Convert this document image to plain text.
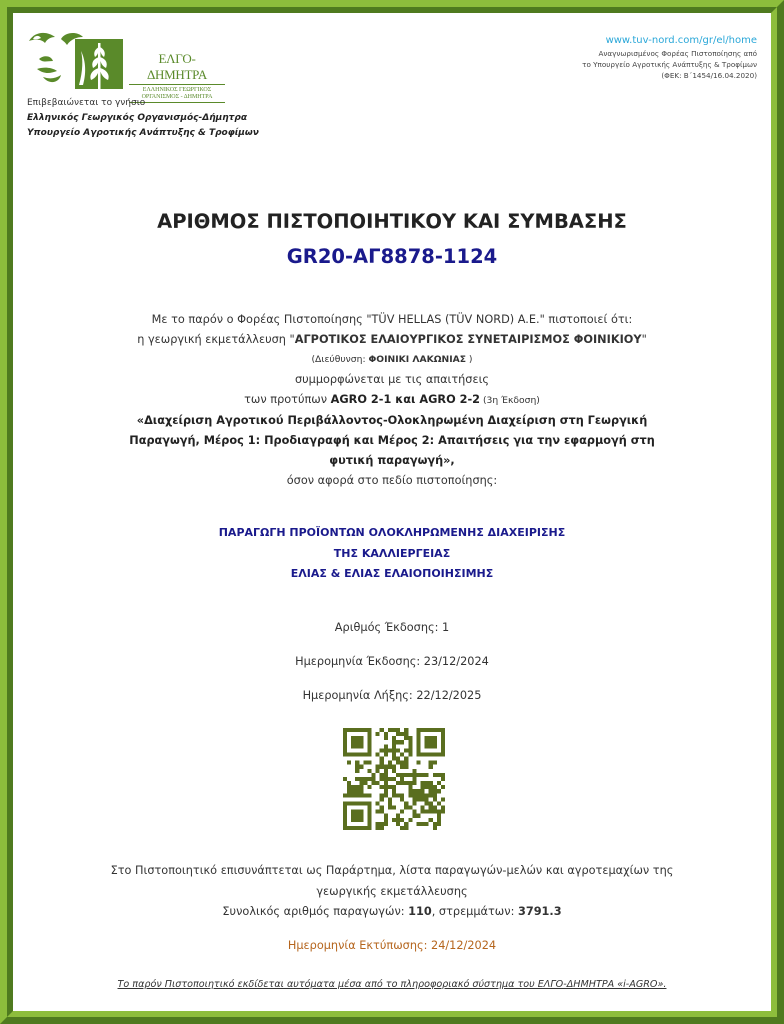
ΕΛΓΟ-ΔΗΜΗΤΡΑ
ΕΛΛΗΝΙΚΟΣ ΓΕΩΡΓΙΚΟΣ
ΟΡΓΑΝΙΣΜΟΣ - ΔΗΜΗΤΡΑ
Επιβεβαιώνεται το γνήσιο
Ελληνικός Γεωργικός Οργανισμός-Δήμητρα
Υπουργείο Αγροτικής Ανάπτυξης & Τροφίμων
www.tuv-nord.com/gr/el/home
Αναγνωρισμένος Φορέας Πιστοποίησης από
το Υπουργείο Αγροτικής Ανάπτυξης & Τροφίμων
(ΦΕΚ: Β΄1454/16.04.2020)
ΑΡΙΘΜΟΣ ΠΙΣΤΟΠΟΙΗΤΙΚΟΥ ΚΑΙ ΣΥΜΒΑΣΗΣ
GR20-ΑΓ8878-1124
Με το παρόν ο Φορέας Πιστοποίησης "TÜV HELLAS (TÜV NORD) A.E." πιστοποιεί ότι:
η γεωργική εκμετάλλευση "ΑΓΡΟΤΙΚΟΣ ΕΛΑΙΟΥΡΓΙΚΟΣ ΣΥΝΕΤΑΙΡΙΣΜΟΣ ΦΟΙΝΙΚΙΟΥ"
(Διεύθυνση: ΦΟΙΝΙΚΙ ΛΑΚΩΝΙΑΣ )
συμμορφώνεται με τις απαιτήσεις
των προτύπων AGRO 2-1 και AGRO 2-2 (3η Έκδοση)
«Διαχείριση Αγροτικού Περιβάλλοντος-Ολοκληρωμένη Διαχείριση στη Γεωργική
Παραγωγή, Μέρος 1: Προδιαγραφή και Μέρος 2: Απαιτήσεις για την εφαρμογή στη
φυτική παραγωγή»,
όσον αφορά στο πεδίο πιστοποίησης:
ΠΑΡΑΓΩΓΗ ΠΡΟΪΟΝΤΩΝ ΟΛΟΚΛΗΡΩΜΕΝΗΣ ΔΙΑΧΕΙΡΙΣΗΣ
ΤΗΣ ΚΑΛΛΙΕΡΓΕΙΑΣ
ΕΛΙΑΣ & ΕΛΙΑΣ ΕΛΑΙΟΠΟΙΗΣΙΜΗΣ
Αριθμός Έκδοσης: 1
Ημερομηνία Έκδοσης: 23/12/2024
Ημερομηνία Λήξης: 22/12/2025
Στο Πιστοποιητικό επισυνάπτεται ως Παράρτημα, λίστα παραγωγών-μελών και αγροτεμαχίων της
γεωργικής εκμετάλλευσης
Συνολικός αριθμός παραγωγών: 110, στρεμμάτων: 3791.3
Ημερομηνία Εκτύπωσης: 24/12/2024
Το παρόν Πιστοποιητικό εκδίδεται αυτόματα μέσα από το πληροφοριακό σύστημα του ΕΛΓΟ-ΔΗΜΗΤΡΑ «i-AGRO».
